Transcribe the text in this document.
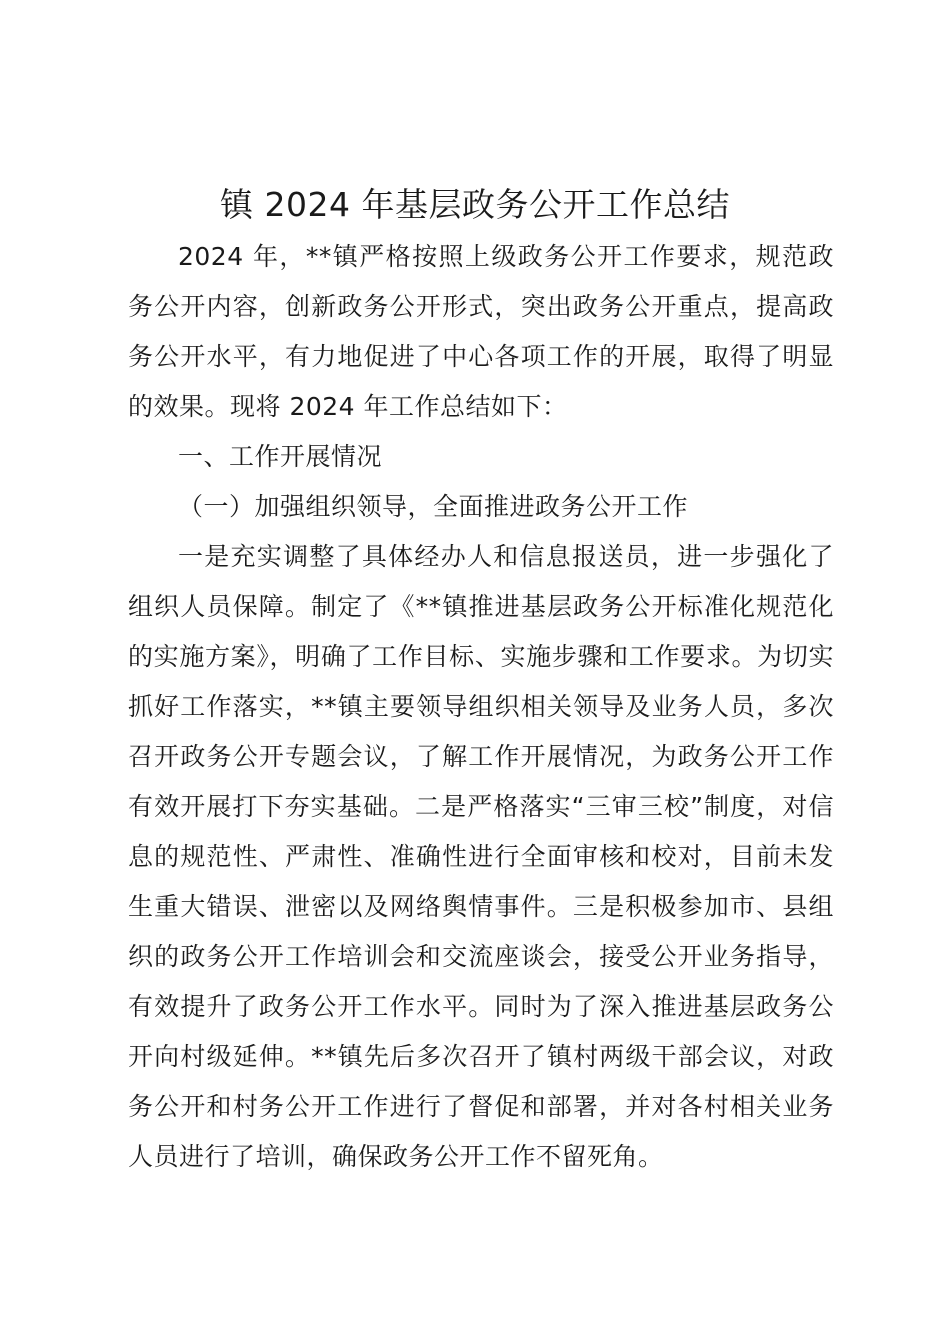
镇 2024 年基层政务公开工作总结

2024 年，**镇严格按照上级政务公开工作要求，规范政务公开内容，创新政务公开形式，突出政务公开重点，提高政务公开水平，有力地促进了中心各项工作的开展，取得了明显的效果。现将 2024 年工作总结如下：

一、工作开展情况

（一）加强组织领导，全面推进政务公开工作

一是充实调整了具体经办人和信息报送员，进一步强化了组织人员保障。制定了《**镇推进基层政务公开标准化规范化的实施方案》，明确了工作目标、实施步骤和工作要求。为切实抓好工作落实，**镇主要领导组织相关领导及业务人员，多次召开政务公开专题会议，了解工作开展情况，为政务公开工作有效开展打下夯实基础。二是严格落实“三审三校”制度，对信息的规范性、严肃性、准确性进行全面审核和校对，目前未发生重大错误、泄密以及网络舆情事件。三是积极参加市、县组织的政务公开工作培训会和交流座谈会，接受公开业务指导，有效提升了政务公开工作水平。同时为了深入推进基层政务公开向村级延伸。**镇先后多次召开了镇村两级干部会议，对政务公开和村务公开工作进行了督促和部署，并对各村相关业务人员进行了培训，确保政务公开工作不留死角。
